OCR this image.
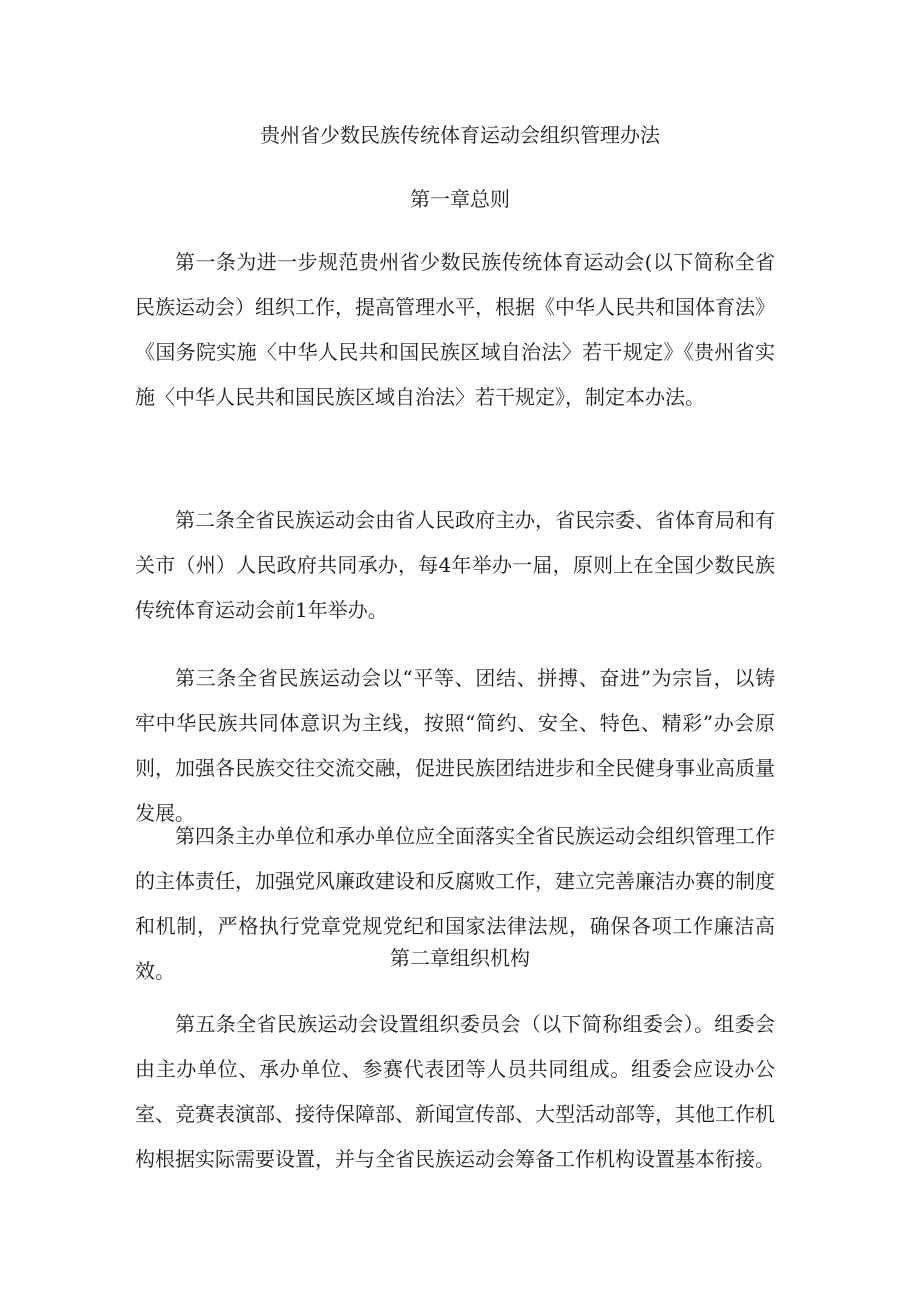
贵州省少数民族传统体育运动会组织管理办法
第一章总则

第一条为进一步规范贵州省少数民族传统体育运动会(以下简称全省民族运动会）组织工作，提高管理水平，根据《中华人民共和国体育法》《国务院实施〈中华人民共和国民族区域自治法〉若干规定》《贵州省实施〈中华人民共和国民族区域自治法〉若干规定》，制定本办法。

第二条全省民族运动会由省人民政府主办，省民宗委、省体育局和有关市（州）人民政府共同承办，每4年举办一届，原则上在全国少数民族传统体育运动会前1年举办。

第三条全省民族运动会以“平等、团结、拼搏、奋进”为宗旨，以铸牢中华民族共同体意识为主线，按照“简约、安全、特色、精彩”办会原则，加强各民族交往交流交融，促进民族团结进步和全民健身事业高质量发展。

第四条主办单位和承办单位应全面落实全省民族运动会组织管理工作的主体责任，加强党风廉政建设和反腐败工作，建立完善廉洁办赛的制度和机制，严格执行党章党规党纪和国家法律法规，确保各项工作廉洁高效。

第二章组织机构

第五条全省民族运动会设置组织委员会（以下简称组委会）。组委会由主办单位、承办单位、参赛代表团等人员共同组成。组委会应设办公室、竞赛表演部、接待保障部、新闻宣传部、大型活动部等，其他工作机构根据实际需要设置，并与全省民族运动会筹备工作机构设置基本衔接。
